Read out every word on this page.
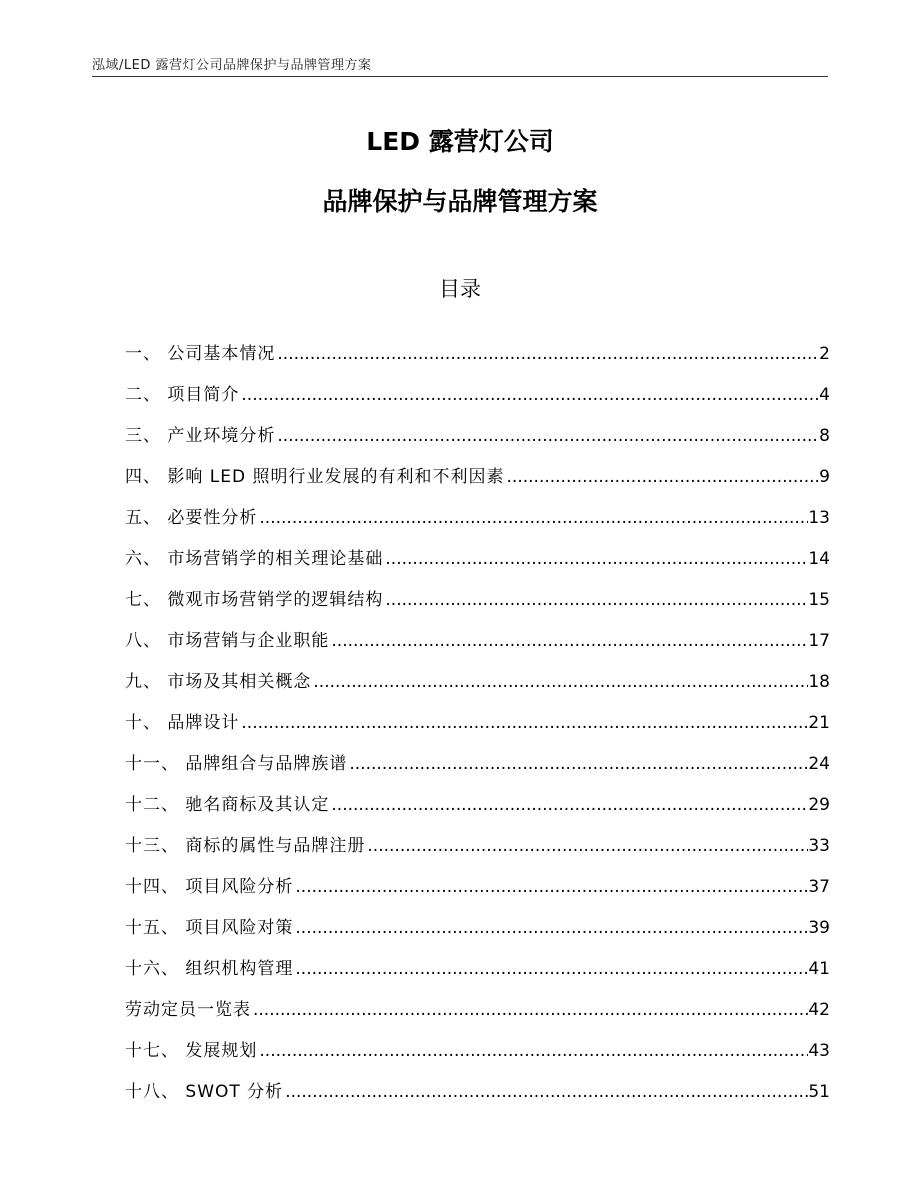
泓域/LED 露营灯公司品牌保护与品牌管理方案
LED 露营灯公司
品牌保护与品牌管理方案
目录
一、 公司基本情况 .....	2
二、 项目简介 .....	4
三、 产业环境分析 .....	8
四、 影响 LED 照明行业发展的有利和不利因素 .....	9
五、 必要性分析 .....	13
六、 市场营销学的相关理论基础 .....	14
七、 微观市场营销学的逻辑结构 .....	15
八、 市场营销与企业职能 .....	17
九、 市场及其相关概念 .....	18
十、 品牌设计 .....	21
十一、 品牌组合与品牌族谱 .....	24
十二、 驰名商标及其认定 .....	29
十三、 商标的属性与品牌注册 .....	33
十四、 项目风险分析 .....	37
十五、 项目风险对策 .....	39
十六、 组织机构管理 .....	41
劳动定员一览表 .....	42
十七、 发展规划 .....	43
十八、 SWOT 分析 .....	51
